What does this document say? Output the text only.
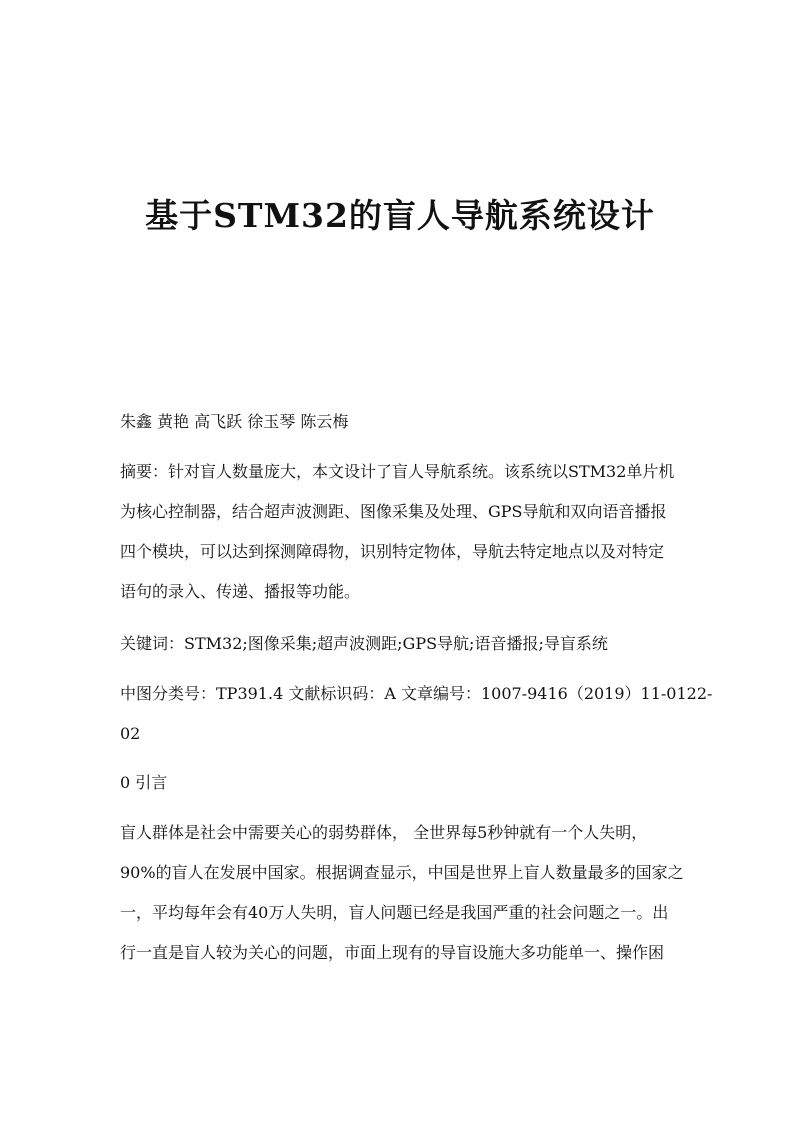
基于STM32的盲人导航系统设计

朱鑫 黄艳 高飞跃 徐玉琴 陈云梅

摘要：针对盲人数量庞大，本文设计了盲人导航系统。该系统以STM32单片机

为核心控制器，结合超声波测距、图像采集及处理、GPS导航和双向语音播报

四个模块，可以达到探测障碍物，识别特定物体，导航去特定地点以及对特定

语句的录入、传递、播报等功能。

关键词：STM32;图像采集;超声波测距;GPS导航;语音播报;导盲系统

中图分类号：TP391.4 文献标识码：A 文章编号：1007-9416（2019）11-0122-

02

0 引言

盲人群体是社会中需要关心的弱势群体， 全世界每5秒钟就有一个人失明，

90%的盲人在发展中国家。根据调查显示，中国是世界上盲人数量最多的国家之

一，平均每年会有40万人失明，盲人问题已经是我国严重的社会问题之一。出

行一直是盲人较为关心的问题，市面上现有的导盲设施大多功能单一、操作困
